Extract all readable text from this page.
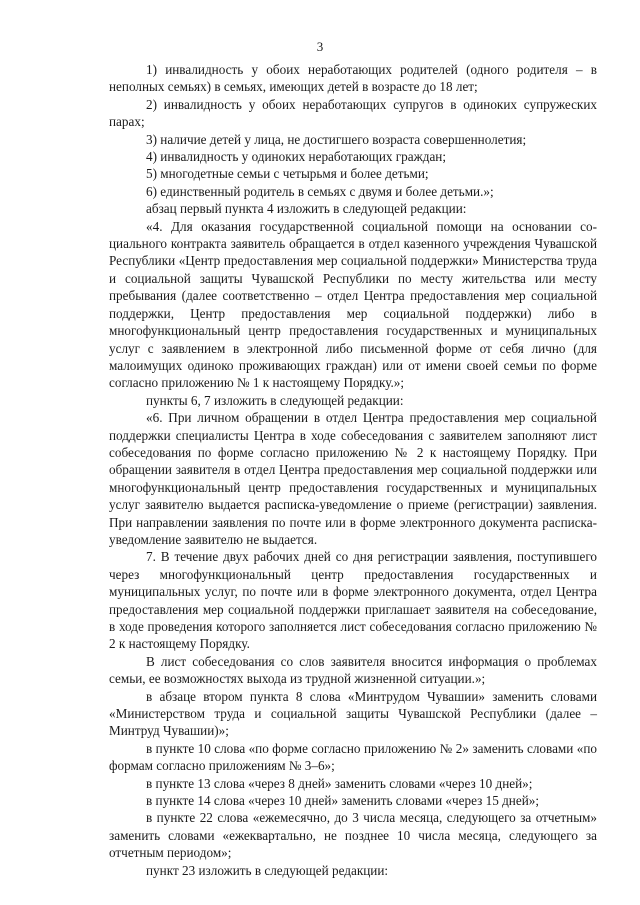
3

1) инвалидность у обоих неработающих родителей (одного родителя – в неполных семьях) в семьях, имеющих детей в возрасте до 18 лет;

2) инвалидность у обоих неработающих супругов в одиноких супружеских парах;

3) наличие детей у лица, не достигшего возраста совершеннолетия;

4) инвалидность у одиноких неработающих граждан;

5) многодетные семьи с четырьмя и более детьми;

6) единственный родитель в семьях с двумя и более детьми.»;

абзац первый пункта 4 изложить в следующей редакции:

«4. Для оказания государственной социальной помощи на основании социального контракта заявитель обращается в отдел казенного учреждения Чувашской Республики «Центр предоставления мер социальной поддержки» Министерства труда и социальной защиты Чувашской Республики по месту жительства или месту пребывания (далее соответственно – отдел Центра предоставления мер социальной поддержки, Центр предоставления мер социальной поддержки) либо в многофункциональный центр предоставления государственных и муниципальных услуг с заявлением в электронной либо письменной форме от себя лично (для малоимущих одиноко проживающих граждан) или от имени своей семьи по форме согласно приложению № 1 к настоящему Порядку.»;

пункты 6, 7 изложить в следующей редакции:

«6. При личном обращении в отдел Центра предоставления мер социальной поддержки специалисты Центра в ходе собеседования с заявителем заполняют лист собеседования по форме согласно приложению № 2 к настоящему Порядку. При обращении заявителя в отдел Центра предоставления мер социальной поддержки или многофункциональный центр предоставления государственных и муниципальных услуг заявителю выдается расписка-уведомление о приеме (регистрации) заявления. При направлении заявления по почте или в форме электронного документа расписка-уведомление заявителю не выдается.

7. В течение двух рабочих дней со дня регистрации заявления, поступившего через многофункциональный центр предоставления государственных и муниципальных услуг, по почте или в форме электронного документа, отдел Центра предоставления мер социальной поддержки приглашает заявителя на собеседование, в ходе проведения которого заполняется лист собеседования согласно приложению № 2 к настоящему Порядку.

В лист собеседования со слов заявителя вносится информация о проблемах семьи, ее возможностях выхода из трудной жизненной ситуации.»;

в абзаце втором пункта 8 слова «Минтрудом Чувашии» заменить словами «Министерством труда и социальной защиты Чувашской Республики (далее – Минтруд Чувашии)»;

в пункте 10 слова «по форме согласно приложению № 2» заменить словами «по формам согласно приложениям № 3–6»;

в пункте 13 слова «через 8 дней» заменить словами «через 10 дней»;

в пункте 14 слова «через 10 дней» заменить словами «через 15 дней»;

в пункте 22 слова «ежемесячно, до 3 числа месяца, следующего за отчетным» заменить словами «ежеквартально, не позднее 10 числа месяца, следующего за отчетным периодом»;

пункт 23 изложить в следующей редакции:
